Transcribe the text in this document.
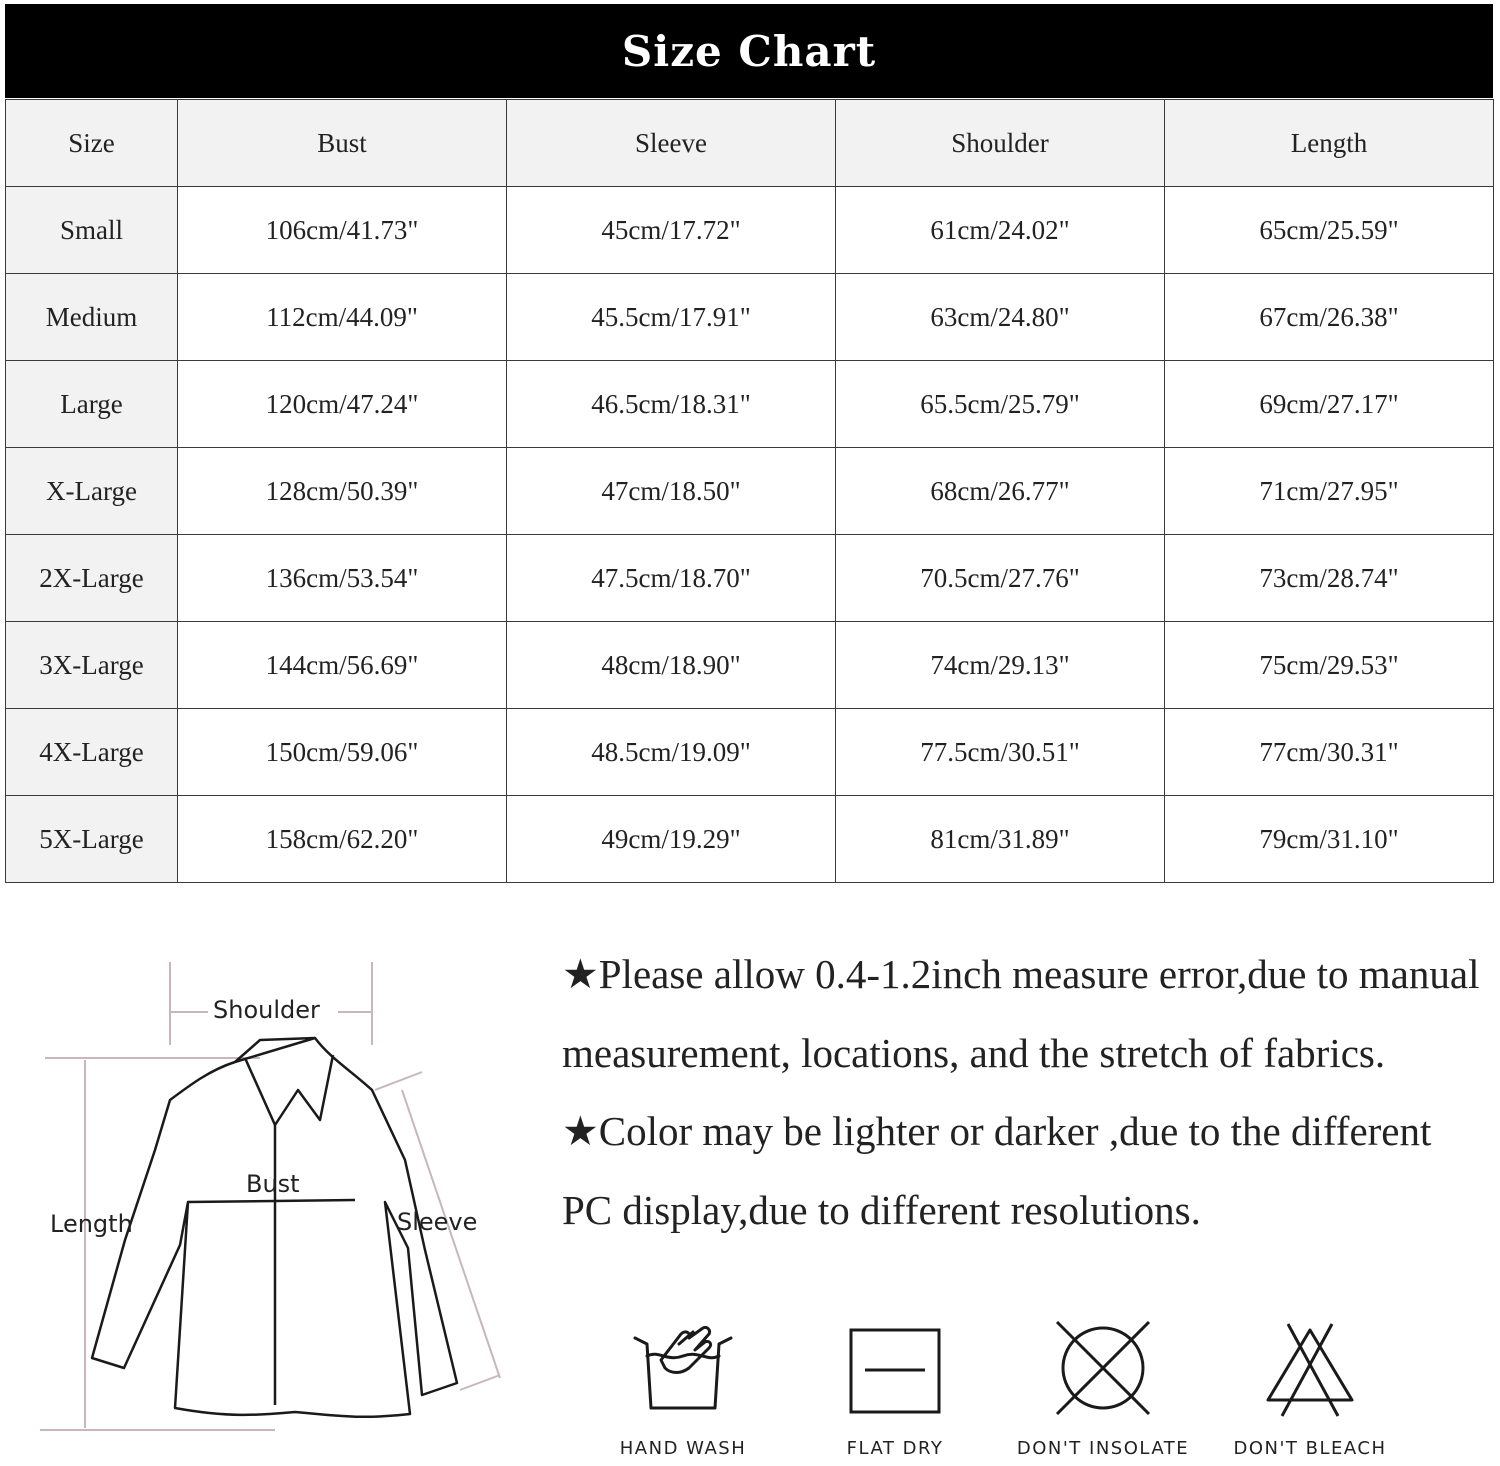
Size Chart
Size	Bust	Sleeve	Shoulder	Length
Small	106cm/41.73"	45cm/17.72"	61cm/24.02"	65cm/25.59"
Medium	112cm/44.09"	45.5cm/17.91"	63cm/24.80"	67cm/26.38"
Large	120cm/47.24"	46.5cm/18.31"	65.5cm/25.79"	69cm/27.17"
X-Large	128cm/50.39"	47cm/18.50"	68cm/26.77"	71cm/27.95"
2X-Large	136cm/53.54"	47.5cm/18.70"	70.5cm/27.76"	73cm/28.74"
3X-Large	144cm/56.69"	48cm/18.90"	74cm/29.13"	75cm/29.53"
4X-Large	150cm/59.06"	48.5cm/19.09"	77.5cm/30.51"	77cm/30.31"
5X-Large	158cm/62.20"	49cm/19.29"	81cm/31.89"	79cm/31.10"
Shoulder
Bust
Length	Sleeve

★Please allow 0.4-1.2inch measure error,due to manual measurement, locations, and the stretch of fabrics.

★Color may be lighter or darker ,due to the different PC display,due to different resolutions.

HAND WASH	FLAT DRY	DON'T INSOLATE	DON'T BLEACH
